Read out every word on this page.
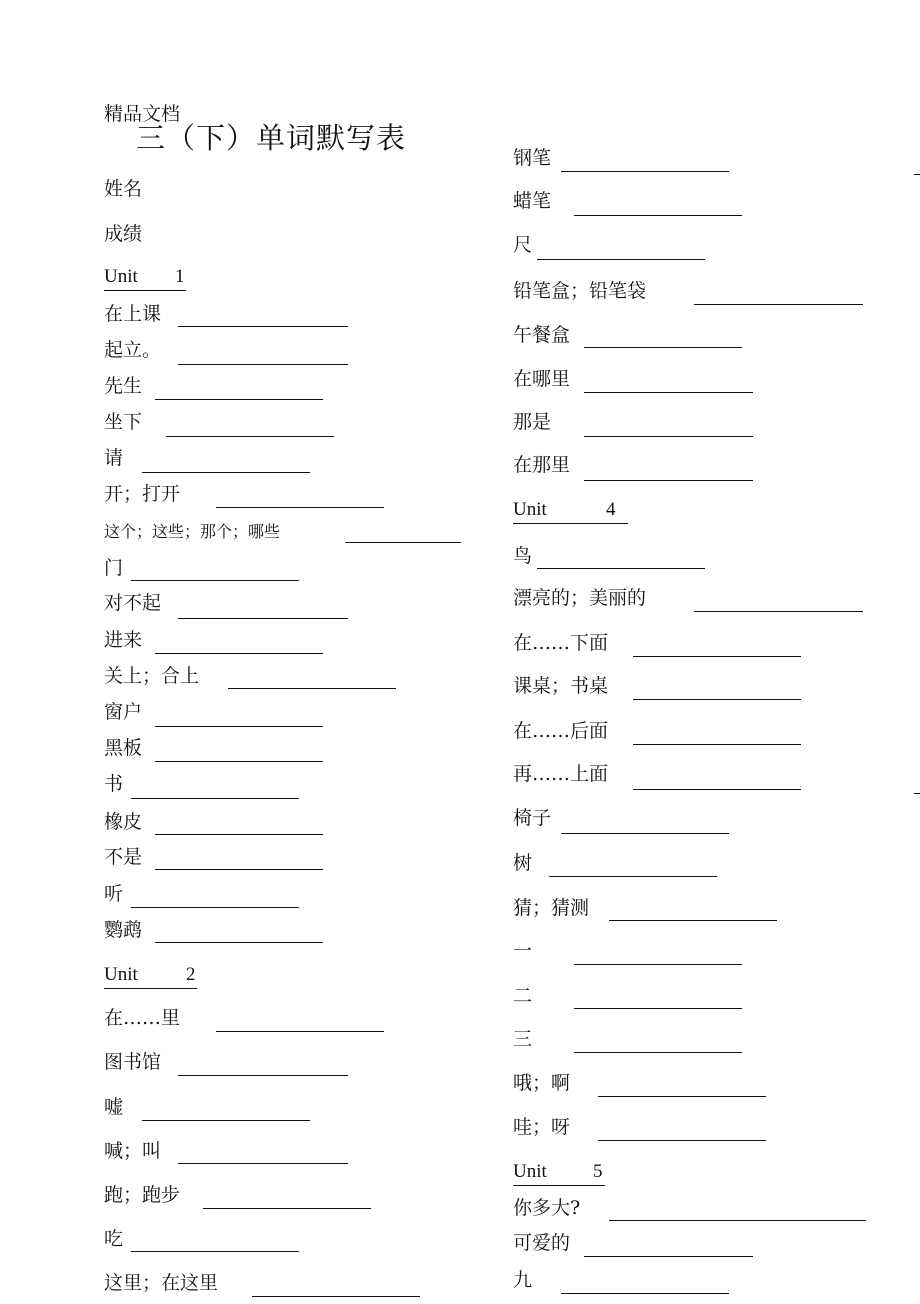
精品文档
三（下）单词默写表
姓名
成绩
Unit 1
在上课
起立。
先生
坐下
请
开；打开
这个；这些；那个；哪些
门
对不起
进来
关上；合上
窗户
黑板
书
橡皮
不是
听
鹦鹉
Unit	2
在……里
图书馆
嘘
喊；叫
跑；跑步
吃
这里；在这里
钢笔
蜡笔
尺
铅笔盒；铅笔袋
午餐盒
在哪里
那是
在那里
Unit	4
鸟
漂亮的；美丽的
在……下面
课桌；书桌
在……后面
再……上面
椅子
树
猜；猜测
一
二
三
哦；啊
哇；呀
Unit 5
你多大?
可爱的
九
